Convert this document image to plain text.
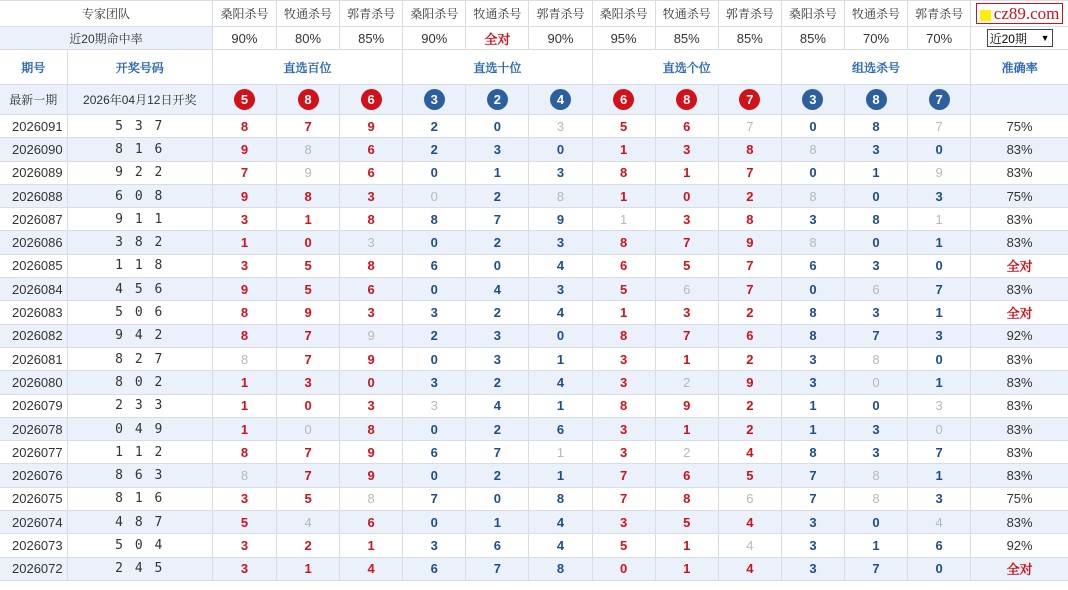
专家团队		桑阳杀号	牧通杀号	郭青杀号	桑阳杀号	牧通杀号	郭青杀号	桑阳杀号	牧通杀号	郭青杀号	桑阳杀号	牧通杀号	郭青杀号	cz89.com
近20期命中率		90%	80%	85%	90%	全对	90%	95%	85%	85%	85%	70%	70%	近20期 ▼

期号	开奖号码	直选百位			直选十位			直选个位			组选杀号			准确率
最新一期	2026年04月12日开奖	5	8	6	3	2	4	6	8	7	3	8	7	
2026091	5 3 7	8	7	9	2	0	3	5	6	7	0	8	7	75%
2026090	8 1 6	9	8	6	2	3	0	1	3	8	8	3	0	83%
2026089	9 2 2	7	9	6	0	1	3	8	1	7	0	1	9	83%
2026088	6 0 8	9	8	3	0	2	8	1	0	2	8	0	3	75%
2026087	9 1 1	3	1	8	8	7	9	1	3	8	3	8	1	83%
2026086	3 8 2	1	0	3	0	2	3	8	7	9	8	0	1	83%
2026085	1 1 8	3	5	8	6	0	4	6	5	7	6	3	0	全对
2026084	4 5 6	9	5	6	0	4	3	5	6	7	0	6	7	83%
2026083	5 0 6	8	9	3	3	2	4	1	3	2	8	3	1	全对
2026082	9 4 2	8	7	9	2	3	0	8	7	6	8	7	3	92%
2026081	8 2 7	8	7	9	0	3	1	3	1	2	3	8	0	83%
2026080	8 0 2	1	3	0	3	2	4	3	2	9	3	0	1	83%
2026079	2 3 3	1	0	3	3	4	1	8	9	2	1	0	3	83%
2026078	0 4 9	1	0	8	0	2	6	3	1	2	1	3	0	83%
2026077	1 1 2	8	7	9	6	7	1	3	2	4	8	3	7	83%
2026076	8 6 3	8	7	9	0	2	1	7	6	5	7	8	1	83%
2026075	8 1 6	3	5	8	7	0	8	7	8	6	7	8	3	75%
2026074	4 8 7	5	4	6	0	1	4	3	5	4	3	0	4	83%
2026073	5 0 4	3	2	1	3	6	4	5	1	4	3	1	6	92%
2026072	2 4 5	3	1	4	6	7	8	0	1	4	3	7	0	全对
